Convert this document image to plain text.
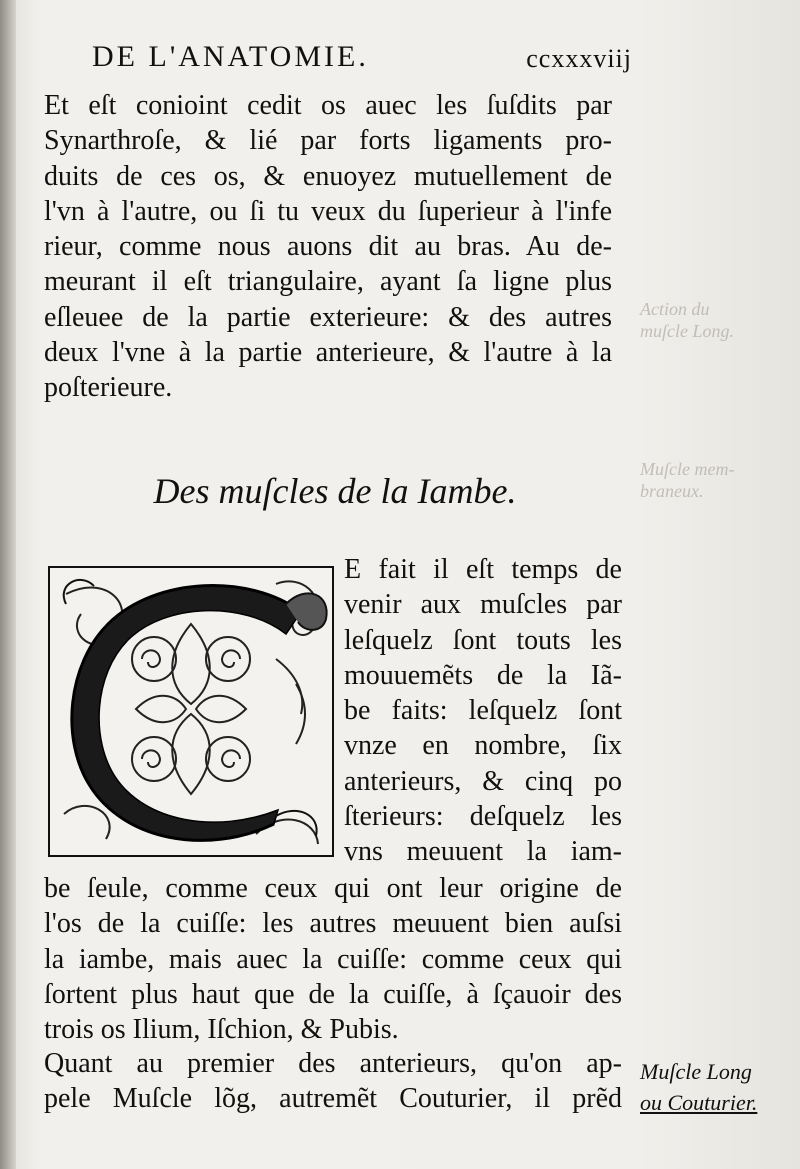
DE L'ANATOMIE.	ccxxxviij
Et eſt conioint cedit os auec les ſuſdits par
Synarthroſe, & lié par forts ligaments pro-
duits de ces os, & enuoyez mutuellement de
l'vn à l'autre, ou ſi tu veux du ſuperieur à l'infe
rieur, comme nous auons dit au bras. Au de-
meurant il eſt triangulaire, ayant ſa ligne plus
eſleuee de la partie exterieure: & des autres
deux l'vne à la partie anterieure, & l'autre à la
poſterieure.
Action du
muſcle Long.
Muſcle mem-
braneux.
Des muſcles de la Iambe.
E fait il eſt temps de
venir aux muſcles par
leſquelz ſont touts les
mouuemẽts de la Iã-
be faits: leſquelz ſont
vnze en nombre, ſix
anterieurs, & cinq po
ſterieurs: deſquelz les
vns meuuent la iam-
be ſeule, comme ceux qui ont leur origine de
l'os de la cuiſſe: les autres meuuent bien auſsi
la iambe, mais auec la cuiſſe: comme ceux qui
ſortent plus haut que de la cuiſſe, à ſçauoir des
trois os Ilium, Iſchion, & Pubis.
Quant au premier des anterieurs, qu'on ap-
pele Muſcle lõg, autremẽt Couturier, il prẽd
Muſcle Long
ou Couturier.
